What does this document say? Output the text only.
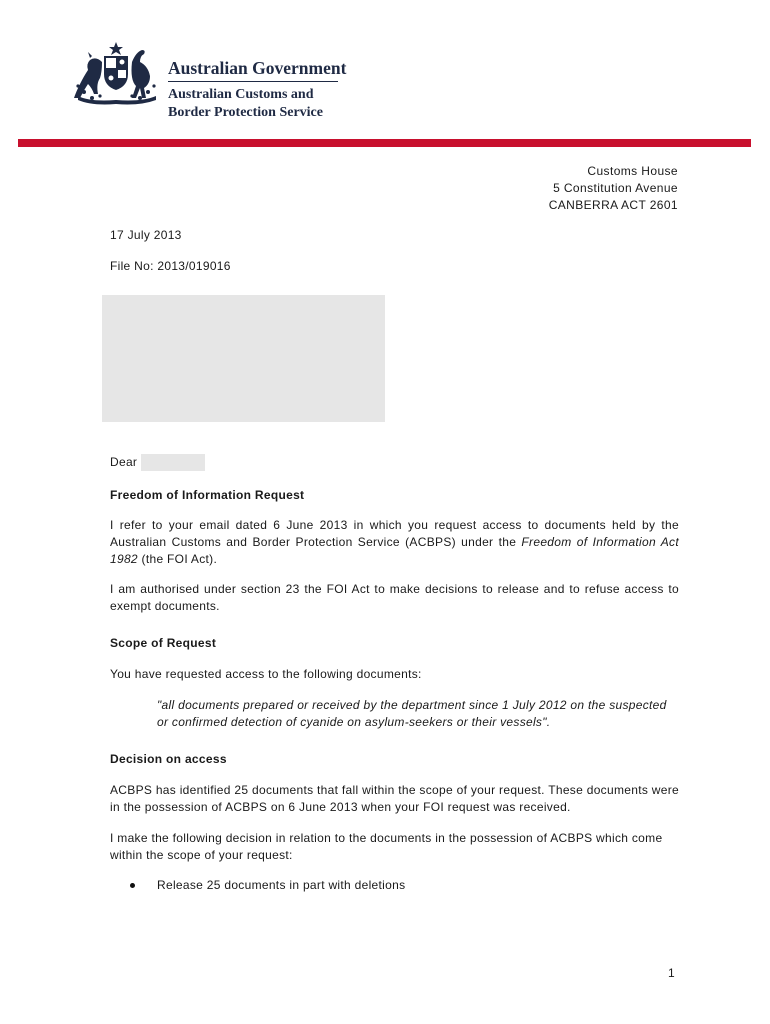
Australian Government
Australian Customs and
Border Protection Service
Customs House
5 Constitution Avenue
CANBERRA ACT 2601
17 July 2013
File No: 2013/019016
Dear
Freedom of Information Request
I refer to your email dated 6 June 2013 in which you request access to documents held by the Australian Customs and Border Protection Service (ACBPS) under the Freedom of Information Act 1982 (the FOI Act).
I am authorised under section 23 the FOI Act to make decisions to release and to refuse access to exempt documents.
Scope of Request
You have requested access to the following documents:
"all documents prepared or received by the department since 1 July 2012 on the suspected or confirmed detection of cyanide on asylum-seekers or their vessels".
Decision on access
ACBPS has identified 25 documents that fall within the scope of your request. These documents were in the possession of ACBPS on 6 June 2013 when your FOI request was received.
I make the following decision in relation to the documents in the possession of ACBPS which come within the scope of your request:
Release 25 documents in part with deletions
1
